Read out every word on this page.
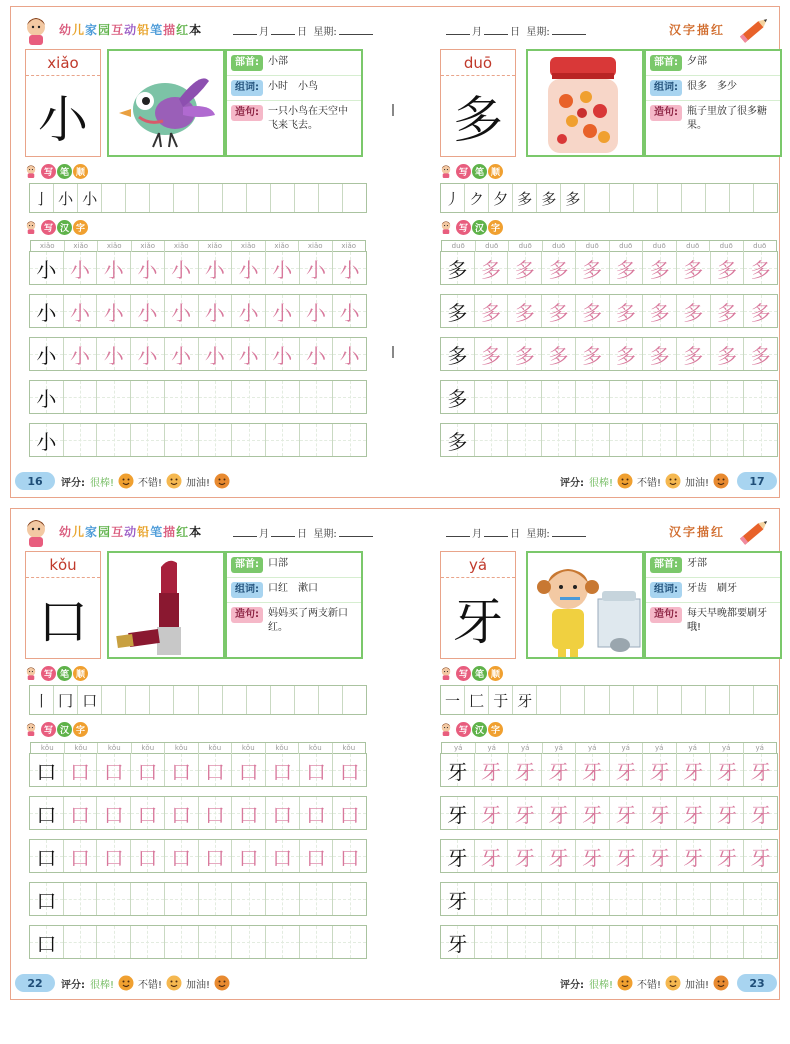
幼儿家园互动铅笔描红本	月	日 星期:
xiǎo
小
部首: 小部
组词: 小时　小鸟
造句: 一只小鸟在天空中飞来飞去。
写 笔 顺
写 汉 字
亅 小 小
xiǎo	xiǎo	xiǎo	xiǎo	xiǎo	xiǎo	xiǎo	xiǎo	xiǎo	xiǎo
小 小 小 小 小 小 小 小 小 小
小 小 小 小 小 小 小 小 小 小
小 小 小 小 小 小 小 小 小 小
小
小
16	评分: 很棒! 不错! 加油!
汉字描红
月	日 星期:
duō
多
部首: 夕部
组词: 很多　多少
造句: 瓶子里放了很多糖果。
写 笔 顺
写 汉 字
丿 ク 夕 多 多 多
duō	duō	duō	duō	duō	duō	duō	duō	duō	duō
多 多 多 多 多 多 多 多 多 多
多 多 多 多 多 多 多 多 多 多
多 多 多 多 多 多 多 多 多 多
多
多
评分: 很棒! 不错! 加油!	17
幼儿家园互动铅笔描红本	月	日 星期:
kǒu
口
部首: 口部
组词: 口红　漱口
造句: 妈妈买了两支新口红。
写 笔 顺
写 汉 字
丨 冂 口
kǒu	kǒu	kǒu	kǒu	kǒu	kǒu	kǒu	kǒu	kǒu	kǒu
口 口 口 口 口 口 口 口 口 口
口 口 口 口 口 口 口 口 口 口
口 口 口 口 口 口 口 口 口 口
口
口
22	评分: 很棒! 不错! 加油!
汉字描红
月	日 星期:
yá
牙
部首: 牙部
组词: 牙齿　刷牙
造句: 每天早晚都要刷牙哦!
写 笔 顺
写 汉 字
一 匚 于 牙
yá	yá	yá	yá	yá	yá	yá	yá	yá	yá
牙 牙 牙 牙 牙 牙 牙 牙 牙 牙
牙 牙 牙 牙 牙 牙 牙 牙 牙 牙
牙 牙 牙 牙 牙 牙 牙 牙 牙 牙
牙
牙
评分: 很棒! 不错! 加油!	23
